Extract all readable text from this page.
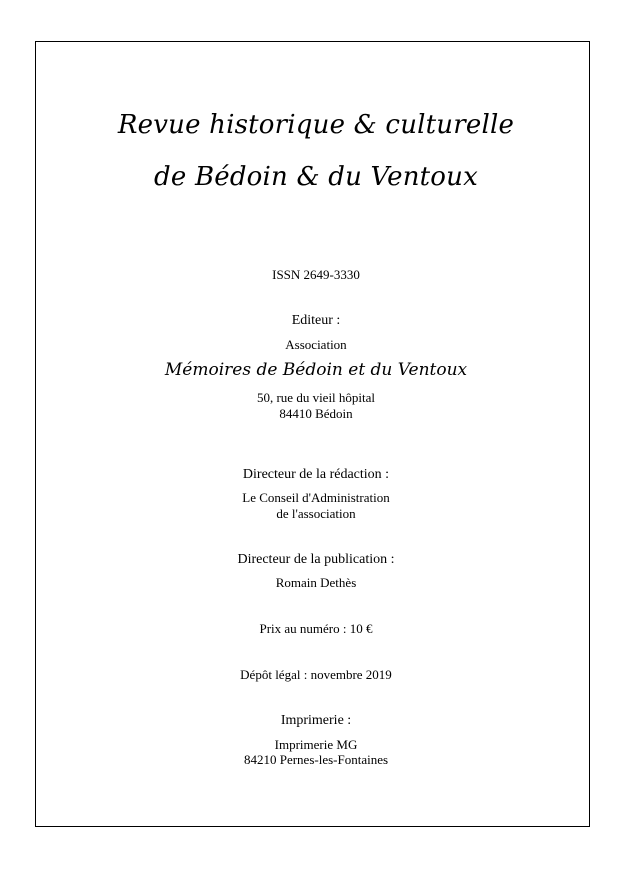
Revue historique & culturelle
de Bédoin & du Ventoux
ISSN 2649-3330
Editeur :
Association
Mémoires de Bédoin et du Ventoux
50, rue du vieil hôpital
84410 Bédoin
Directeur de la rédaction :
Le Conseil d'Administration
de l'association
Directeur de la publication :
Romain Dethès
Prix au numéro : 10 €
Dépôt légal : novembre 2019
Imprimerie :
Imprimerie MG
84210 Pernes-les-Fontaines
